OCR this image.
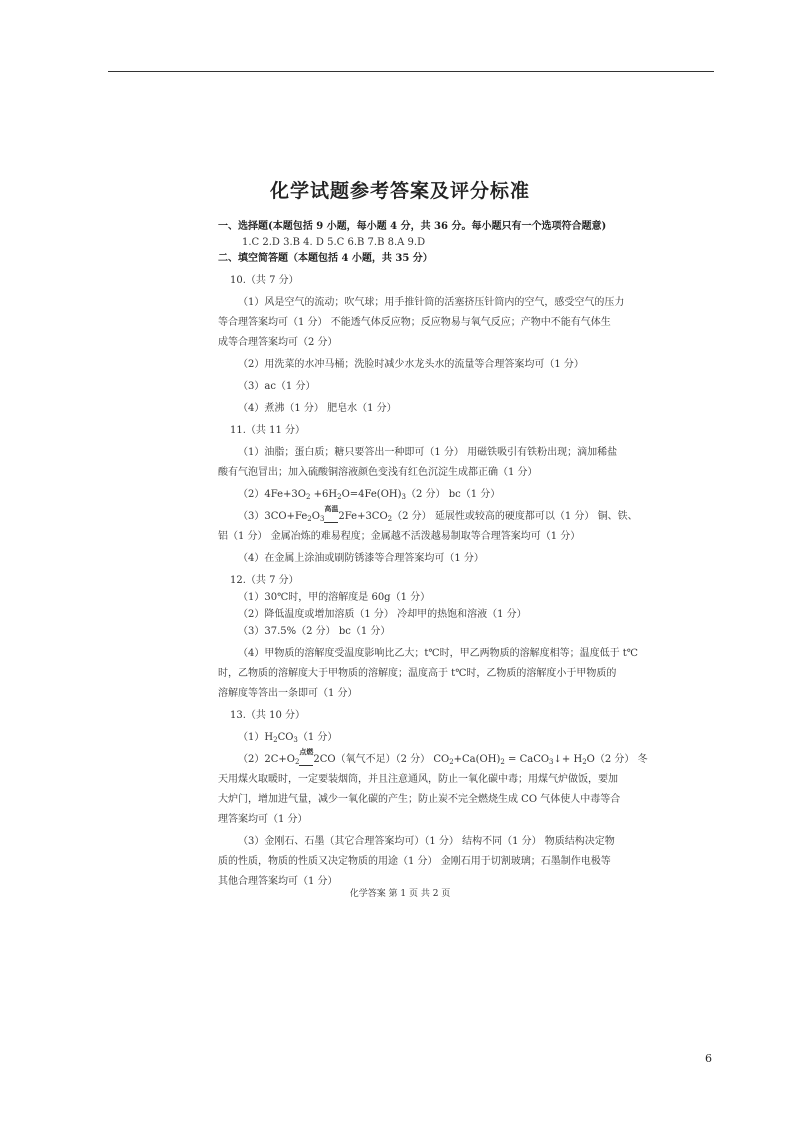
化学试题参考答案及评分标准
一、选择题(本题包括 9 小题，每小题 4 分，共 36 分。每小题只有一个选项符合题意)
1.C 2.D 3.B 4. D 5.C 6.B 7.B 8.A 9.D
二、填空简答题（本题包括 4 小题，共 35 分）
10.（共 7 分）
（1）风是空气的流动；吹气球；用手推针筒的活塞挤压针筒内的空气，感受空气的压力
等合理答案均可（1 分） 不能透气体反应物；反应物易与氧气反应；产物中不能有气体生
成等合理答案均可（2 分）
（2）用洗菜的水冲马桶；洗脸时减少水龙头水的流量等合理答案均可（1 分）
（3）ac（1 分）
（4）煮沸（1 分） 肥皂水（1 分）
11.（共 11 分）
（1）油脂；蛋白质；糖只要答出一种即可（1 分） 用磁铁吸引有铁粉出现；滴加稀盐
酸有气泡冒出；加入硫酸铜溶液颜色变浅有红色沉淀生成都正确（1 分）
$(2)4Fe+3O_2 +6H_2O=4Fe(OH)_3(2$ 分） bc（1 分）
$(3)3CO+Fe_2O_3$
高温
      $2Fe+3CO_2(2$ 分） 延展性或较高的硬度都可以（1 分） 铜、铁、
铝（1 分） 金属冶炼的难易程度；金属越不活泼越易制取等合理答案均可（1 分）
（4）在金属上涂油或刷防锈漆等合理答案均可（1 分）
12.（共 7 分）
（1）30℃时，甲的溶解度是 60g（1 分）
（2）降低温度或增加溶质（1 分） 冷却甲的热饱和溶液（1 分）
（3）37.5%（2 分） bc（1 分）
（4）甲物质的溶解度受温度影响比乙大；t℃时，甲乙两物质的溶解度相等；温度低于 t℃
时，乙物质的溶解度大于甲物质的溶解度；温度高于 t℃时，乙物质的溶解度小于甲物质的
溶解度等答出一条即可（1 分）
13.（共 10 分）
$(1)H_2CO_3(1$ 分）
$(2)2C+O_2$
点燃
      2CO（氧气不足）（2 分） $CO_2+Ca(OH)_2$ = CaCO$_3$↓+ $H_2O(2$ 分） 冬
天用煤火取暖时，一定要装烟筒，并且注意通风，防止一氧化碳中毒；用煤气炉做饭，要加
大炉门，增加进气量，减少一氧化碳的产生；防止炭不完全燃烧生成 CO 气体使人中毒等合
理答案均可（1 分）
（3）金刚石、石墨（其它合理答案均可）（1 分） 结构不同（1 分） 物质结构决定物
质的性质，物质的性质又决定物质的用途（1 分） 金刚石用于切割玻璃；石墨制作电极等
其他合理答案均可（1 分）
化学答案 第 1 页 共 2 页
6
